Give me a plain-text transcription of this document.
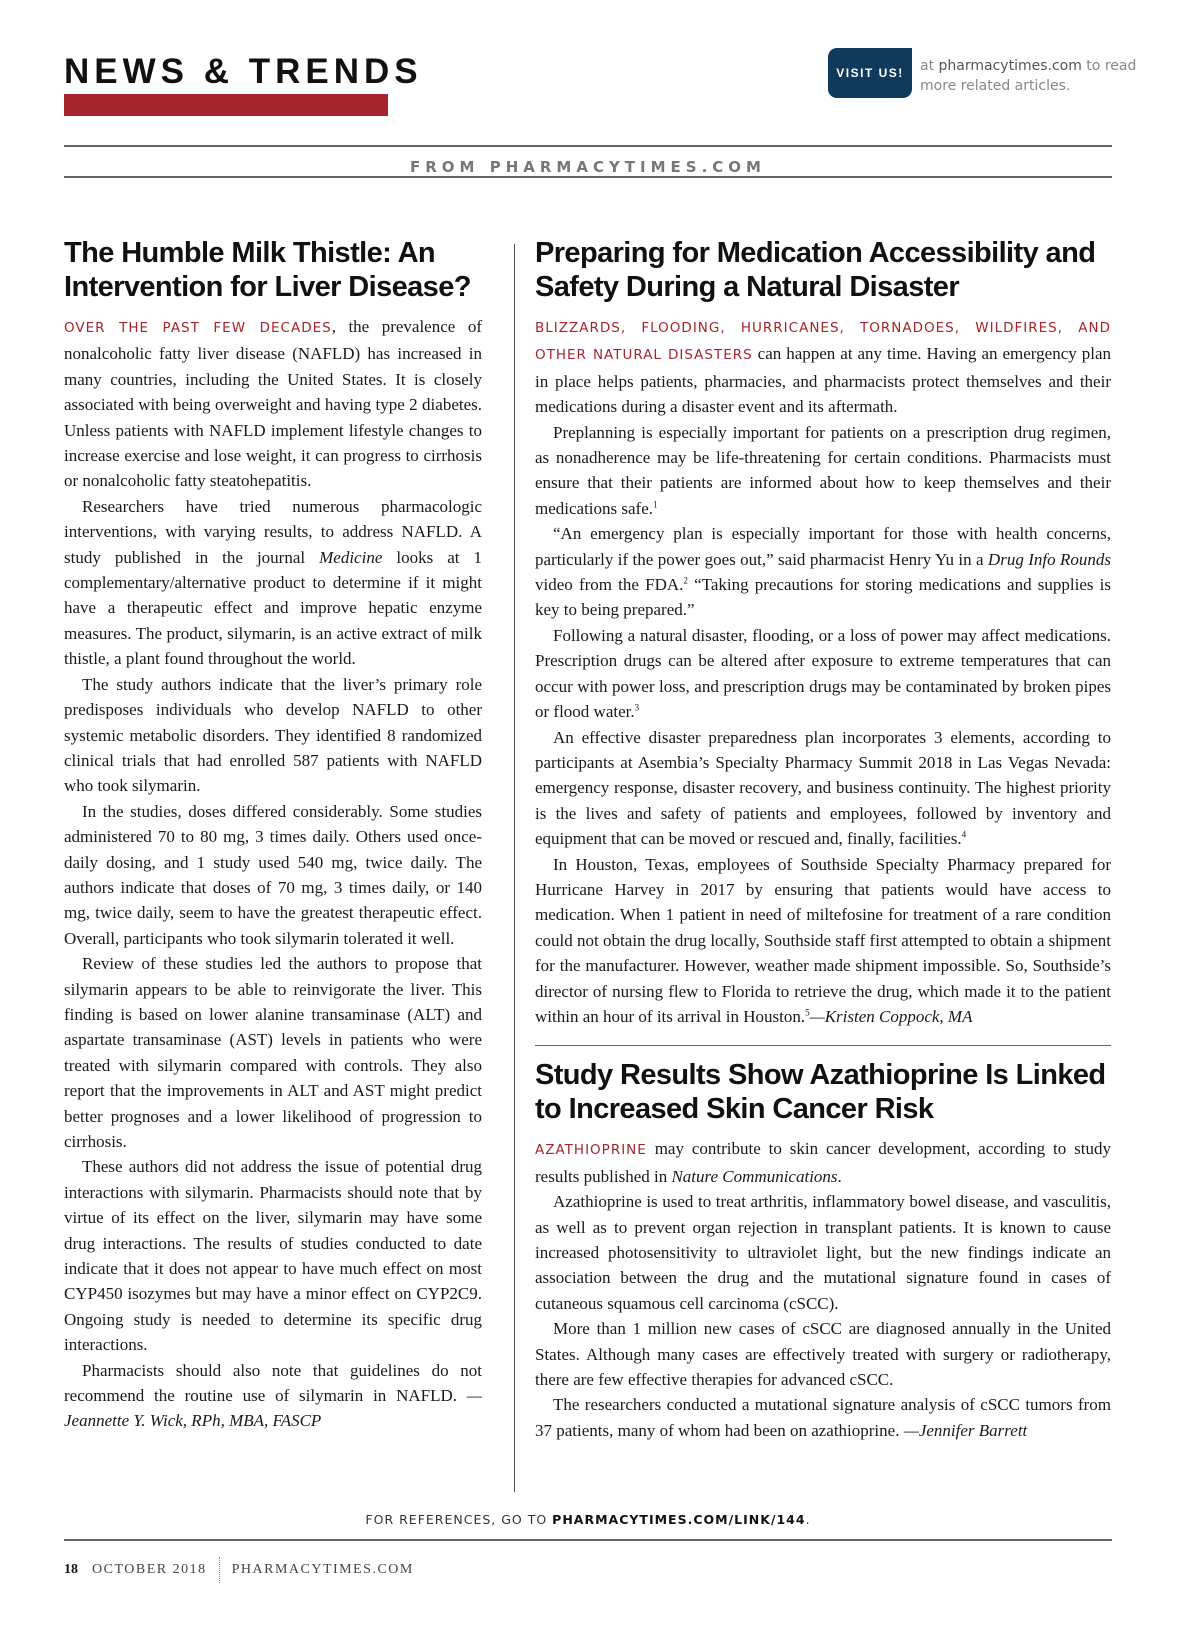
NEWS & TRENDS	VISIT US!	at pharmacytimes.com to read more related articles.
FROM PHARMACYTIMES.COM
The Humble Milk Thistle: An Intervention for Liver Disease?

OVER THE PAST FEW DECADES, the prevalence of nonalcoholic fatty liver disease (NAFLD) has increased in many countries, including the United States. It is closely associated with being overweight and having type 2 diabetes. Unless patients with NAFLD implement lifestyle changes to increase exercise and lose weight, it can progress to cirrhosis or nonalcoholic fatty steatohepatitis.

Researchers have tried numerous pharmacologic interventions, with varying results, to address NAFLD. A study published in the journal Medicine looks at 1 complementary/alternative product to determine if it might have a therapeutic effect and improve hepatic enzyme measures. The product, silymarin, is an active extract of milk thistle, a plant found throughout the world.

The study authors indicate that the liver’s primary role predisposes individuals who develop NAFLD to other systemic metabolic disorders. They identified 8 randomized clinical trials that had enrolled 587 patients with NAFLD who took silymarin.

In the studies, doses differed considerably. Some studies administered 70 to 80 mg, 3 times daily. Others used once-daily dosing, and 1 study used 540 mg, twice daily. The authors indicate that doses of 70 mg, 3 times daily, or 140 mg, twice daily, seem to have the greatest therapeutic effect. Overall, participants who took silymarin tolerated it well.

Review of these studies led the authors to propose that silymarin appears to be able to reinvigorate the liver. This finding is based on lower alanine transaminase (ALT) and aspartate transaminase (AST) levels in patients who were treated with silymarin compared with controls. They also report that the improvements in ALT and AST might predict better prognoses and a lower likelihood of progression to cirrhosis.

These authors did not address the issue of potential drug interactions with silymarin. Pharmacists should note that by virtue of its effect on the liver, silymarin may have some drug interactions. The results of studies conducted to date indicate that it does not appear to have much effect on most CYP450 isozymes but may have a minor effect on CYP2C9. Ongoing study is needed to determine its specific drug interactions.

Pharmacists should also note that guidelines do not recommend the routine use of silymarin in NAFLD. —Jeannette Y. Wick, RPh, MBA, FASCP

Preparing for Medication Accessibility and Safety During a Natural Disaster

BLIZZARDS, FLOODING, HURRICANES, TORNADOES, WILDFIRES, AND OTHER NATURAL DISASTERS can happen at any time. Having an emergency plan in place helps patients, pharmacies, and pharmacists protect themselves and their medications during a disaster event and its aftermath.

Preplanning is especially important for patients on a prescription drug regimen, as nonadherence may be life-threatening for certain conditions. Pharmacists must ensure that their patients are informed about how to keep themselves and their medications safe.$^1$

“An emergency plan is especially important for those with health concerns, particularly if the power goes out,” said pharmacist Henry Yu in a Drug Info Rounds video from the FDA.$^2$ “Taking precautions for storing medications and supplies is key to being prepared.”

Following a natural disaster, flooding, or a loss of power may affect medications. Prescription drugs can be altered after exposure to extreme temperatures that can occur with power loss, and prescription drugs may be contaminated by broken pipes or flood water.$^3$

An effective disaster preparedness plan incorporates 3 elements, according to participants at Asembia’s Specialty Pharmacy Summit 2018 in Las Vegas Nevada: emergency response, disaster recovery, and business continuity. The highest priority is the lives and safety of patients and employees, followed by inventory and equipment that can be moved or rescued and, finally, facilities.$^4$

In Houston, Texas, employees of Southside Specialty Pharmacy prepared for Hurricane Harvey in 2017 by ensuring that patients would have access to medication. When 1 patient in need of miltefosine for treatment of a rare condition could not obtain the drug locally, Southside staff first attempted to obtain a shipment for the manufacturer. However, weather made shipment impossible. So, Southside’s director of nursing flew to Florida to retrieve the drug, which made it to the patient within an hour of its arrival in Houston.$^5$—Kristen Coppock, MA

Study Results Show Azathioprine Is Linked to Increased Skin Cancer Risk

AZATHIOPRINE may contribute to skin cancer development, according to study results published in Nature Communications.

Azathioprine is used to treat arthritis, inflammatory bowel disease, and vasculitis, as well as to prevent organ rejection in transplant patients. It is known to cause increased photosensitivity to ultraviolet light, but the new findings indicate an association between the drug and the mutational signature found in cases of cutaneous squamous cell carcinoma (cSCC).

More than 1 million new cases of cSCC are diagnosed annually in the United States. Although many cases are effectively treated with surgery or radiotherapy, there are few effective therapies for advanced cSCC.

The researchers conducted a mutational signature analysis of cSCC tumors from 37 patients, many of whom had been on azathioprine. —Jennifer Barrett

FOR REFERENCES, GO TO PHARMACYTIMES.COM/LINK/144.
18 OCTOBER 2018 PHARMACYTIMES.COM
